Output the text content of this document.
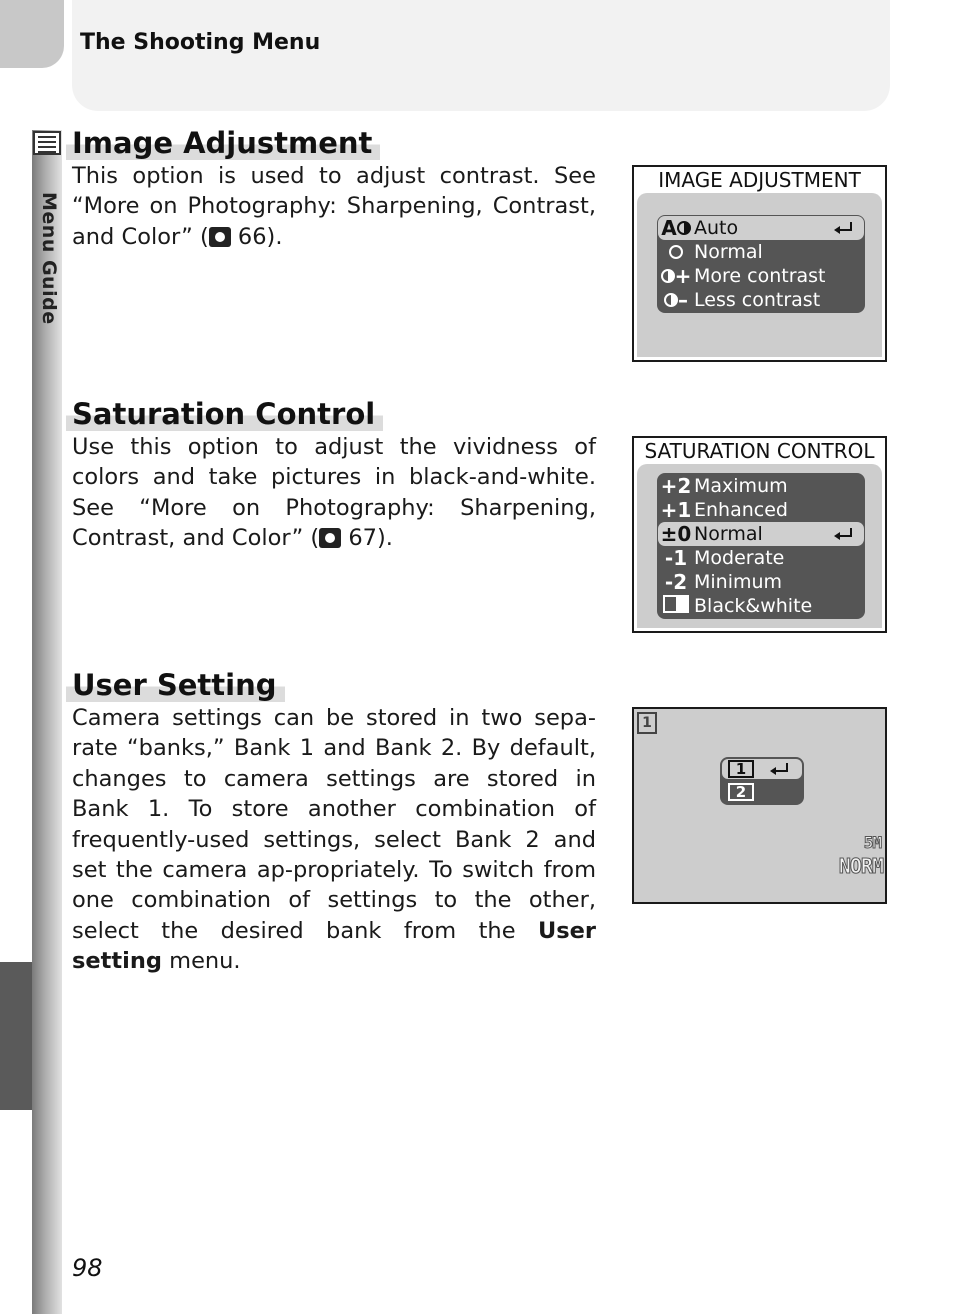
Menu Guide
The Shooting Menu
Image Adjustment
This option is used to adjust contrast. See “More on Photography: Sharpening, Contrast, and Color” ( 66).
IMAGE ADJUSTMENT
A Auto
Normal
+ More contrast
– Less contrast
Saturation Control
Use this option to adjust the vividness of colors and take pictures in black-and-white. See “More on Photography: Sharpening, Contrast, and Color” ( 67).
SATURATION CONTROL
+2 Maximum
+1 Enhanced
±0 Normal
-1 Moderate
-2 Minimum
Black&white
User Setting
Camera settings can be stored in two sepa-rate “banks,” Bank 1 and Bank 2. By default, changes to camera settings are stored in Bank 1. To store another combination of frequently-used settings, select Bank 2 and set the camera ap-propriately. To switch from one combination of settings to the other, select the desired bank from the User setting menu.
1
1
2
5M
NORM
98
